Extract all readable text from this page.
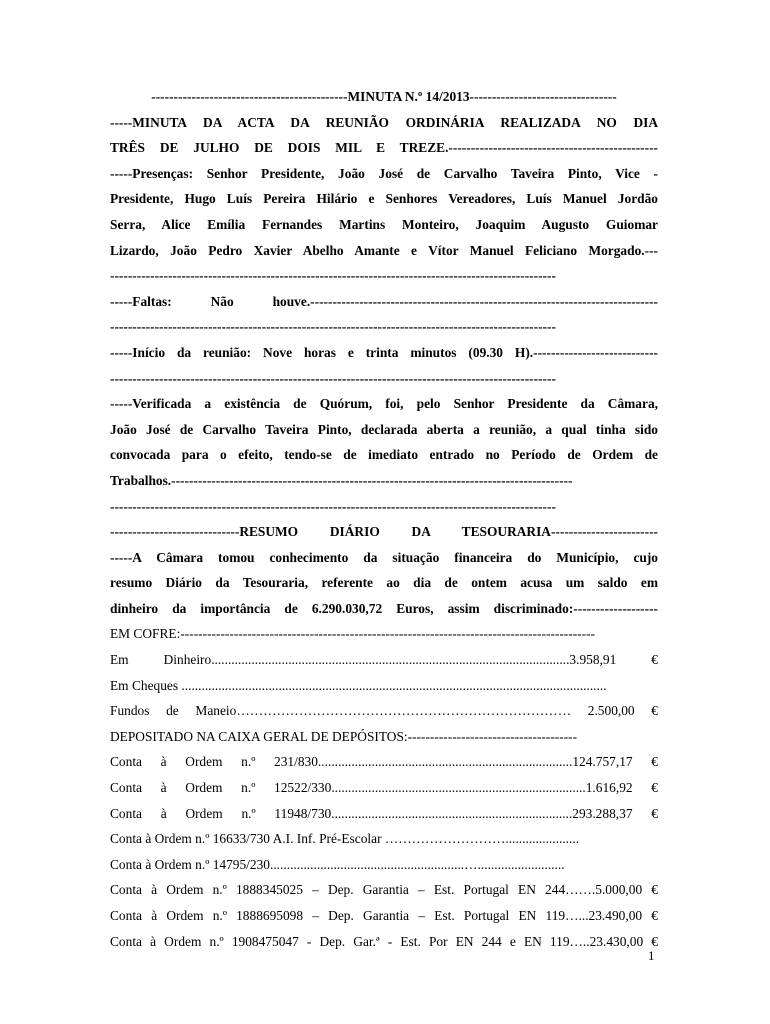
--------------------------------------------MINUTA N.º 14/2013---------------------------------
-----MINUTA DA ACTA DA REUNIÃO ORDINÁRIA REALIZADA NO DIA
TRÊS DE JULHO DE DOIS MIL E TREZE.-----------------------------------------------
-----Presenças: Senhor Presidente, João José de Carvalho Taveira Pinto, Vice -
Presidente, Hugo Luís Pereira Hilário e Senhores Vereadores, Luís Manuel Jordão
Serra, Alice Emília Fernandes Martins Monteiro, Joaquim Augusto Guiomar
Lizardo, João Pedro Xavier Abelho Amante e Vítor Manuel Feliciano Morgado.---
----------------------------------------------------------------------------------------------------
-----Faltas: Não houve.------------------------------------------------------------------------------
----------------------------------------------------------------------------------------------------
-----Início da reunião: Nove horas e trinta minutos (09.30 H).----------------------------
----------------------------------------------------------------------------------------------------
-----Verificada a existência de Quórum, foi, pelo Senhor Presidente da Câmara,
João José de Carvalho Taveira Pinto, declarada aberta a reunião, a qual tinha sido
convocada para o efeito, tendo-se de imediato entrado no Período de Ordem de
Trabalhos.------------------------------------------------------------------------------------------
----------------------------------------------------------------------------------------------------
-----------------------------RESUMO DIÁRIO DA TESOURARIA------------------------
-----A Câmara tomou conhecimento da situação financeira do Município, cujo
resumo Diário da Tesouraria, referente ao dia de ontem acusa um saldo em
dinheiro da importância de 6.290.030,72 Euros, assim discriminado:-------------------
EM COFRE:---------------------------------------------------------------------------------------------
Em Dinheiro...........................................................................................................3.958,91 €
Em Cheques ...............................................................................................................................
Fundos de Maneio………………………………………………………………… 2.500,00 €
DEPOSITADO NA CAIXA GERAL DE DEPÓSITOS:--------------------------------------
Conta à Ordem n.º 231/830............................................................................124.757,17 €
Conta à Ordem n.º 12522/330............................................................................1.616,92 €
Conta à Ordem n.º 11948/730........................................................................293.288,37 €
Conta à Ordem n.º 16633/730 A.I. Inf. Pré-Escolar ………………………......................
Conta à Ordem n.º 14795/230..........................................................…..........................
Conta à Ordem n.º 1888345025 – Dep. Garantia – Est. Portugal EN 244…….5.000,00 €
Conta à Ordem n.º 1888695098 – Dep. Garantia – Est. Portugal EN 119…...23.490,00 €
Conta à Ordem n.º 1908475047 - Dep. Gar.ª - Est. Por EN 244 e EN 119…..23.430,00 €
1
